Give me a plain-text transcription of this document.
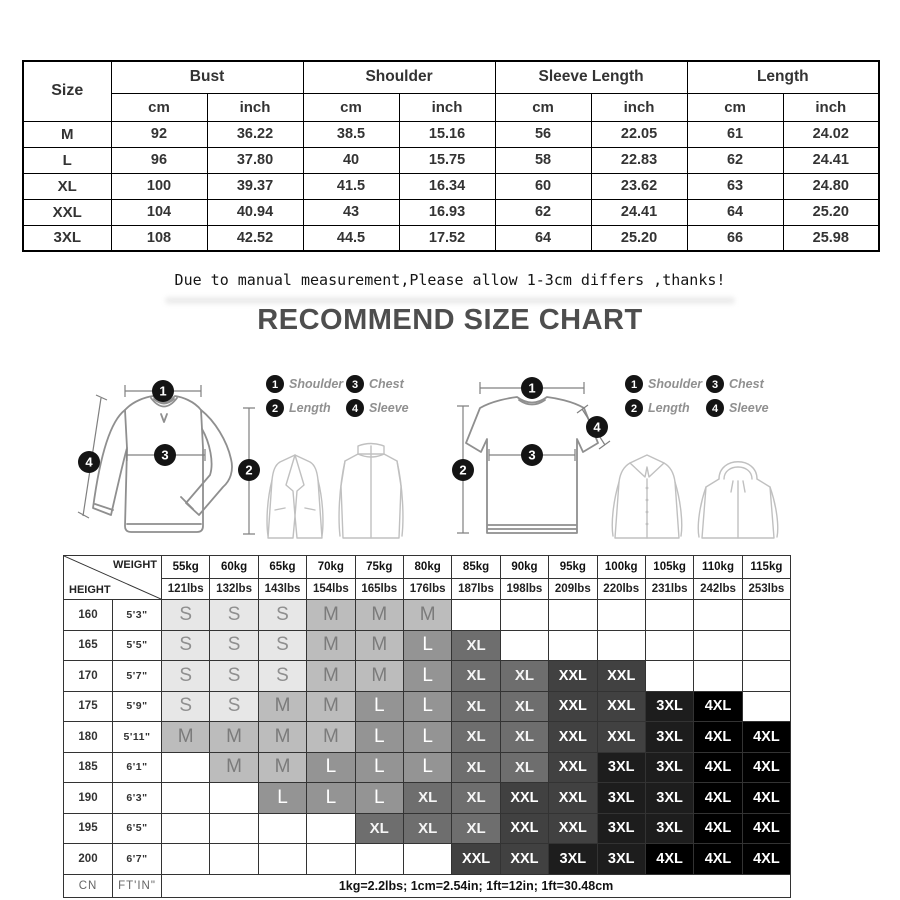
Size	Bust		Shoulder		Sleeve Length		Length	
	cm	inch	cm	inch	cm	inch	cm	inch
M	92	36.22	38.5	15.16	56	22.05	61	24.02
L	96	37.80	40	15.75	58	22.83	62	24.41
XL	100	39.37	41.5	16.34	60	23.62	63	24.80
XXL	104	40.94	43	16.93	62	24.41	64	25.20
3XL	108	42.52	44.5	17.52	64	25.20	66	25.98
Due to manual measurement,Please allow 1-3cm differs ,thanks!
RECOMMEND SIZE CHART
1
4	3
2
1 Shoulder 3 Chest
2 Length 4 Sleeve
1
2
3
4
1 Shoulder 3 Chest
2 Length 4 Sleeve
WEIGHT
HEIGHT		55kg	60kg	65kg	70kg	75kg	80kg	85kg	90kg	95kg	100kg	105kg	110kg	115kg
		121lbs	132lbs	143lbs	154lbs	165lbs	176lbs	187lbs	198lbs	209lbs	220lbs	231lbs	242lbs	253lbs
160	5'3"	S	S	S	M	M	M							
165	5'5"	S	S	S	M	M	L	XL						
170	5'7"	S	S	S	M	M	L	XL	XL	XXL	XXL			
175	5'9"	S	S	M	M	L	L	XL	XL	XXL	XXL	3XL	4XL	
180	5'11"	M	M	M	M	L	L	XL	XL	XXL	XXL	3XL	4XL	4XL
185	6'1"		M	M	L	L	L	XL	XL	XXL	3XL	3XL	4XL	4XL
190	6'3"			L	L	L	XL	XL	XXL	XXL	3XL	3XL	4XL	4XL
195	6'5"					XL	XL	XL	XXL	XXL	3XL	3XL	4XL	4XL
200	6'7"							XXL	XXL	3XL	3XL	4XL	4XL	4XL
CN	FT'IN"	1kg=2.2lbs; 1cm=2.54in; 1ft=12in; 1ft=30.48cm												
